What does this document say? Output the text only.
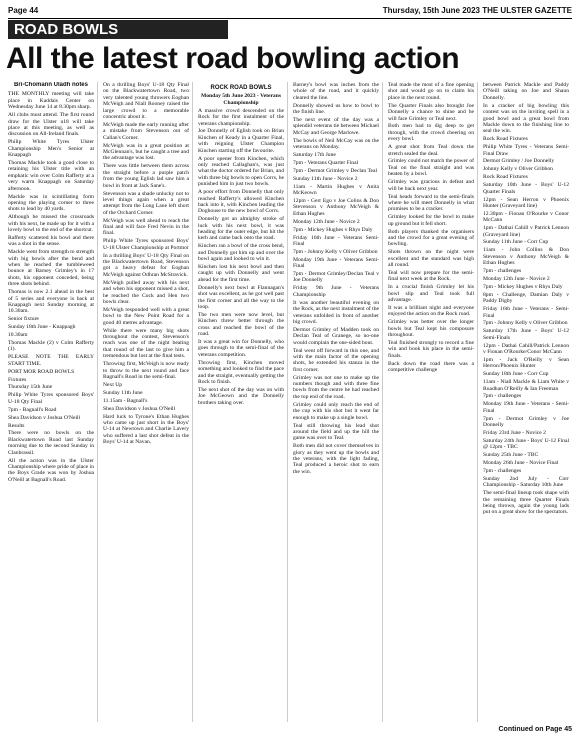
Page 44	Thursday, 15th June 2023 THE ULSTER GAZETTE
ROAD BOWLS
All the latest road bowling action
Bri-Chomann Uladh notes

THE MONTHLY meeting will take place in Kaddais Center on Wednesday June 14 at 8.30pm sharp.

All clubs must attend. The first round draw for the Ulster u18 will take place at this meeting, as well as discussion on All-Ireland finals.

Philip White Tyres Ulster Championship Men's Senior at Knappagh

Thomas Mackle took a good close to retaining his Ulster title with an emphatic win over Colm Rafferty at a very warm Knappagh on Saturday afternoon.

Mackle was in scintillating form opening the playing corner to three shots to lead by 40 yards.

Although he missed the crossroads with his next, he made up for it with a lovely bowl to the end of the shortcut.

Rafferty scattered his bowl and there was a shot in the sense.

Mackle went from strength to strength with big bowls after the bend and when he reached the tumbleweed bounce at Barney Grimley's in 17 shots, his opponent conceded, being three shots behind.

Thomas is now 2.1 ahead in the best of 5 series and everyone is back at Knappagh next Sunday morning at 10.30am.

Senior fixture

Sunday 18th June - Knappagh

10.30am

Thomas Mackle (2) v Colm Rafferty (1).

PLEASE NOTE THE EARLY START TIME.

PORT MOR ROAD BOWLS

Fixtures

Thursday 15th June

Philip White Tyres sponsored Boys' U-18 Qty Final

7pm - Bagnall's Road

Shea Davidson v Joshua O'Neill

Results

There were no bowls on the Blackwatertown Road last Sunday morning due to the second Sunday in Clanbrassil.

All the action was in the Ulster Championship where pride of place in the Boys Grade was won by Joshua O'Neill at Bagnall's Road.

On a thrilling Boys' U-18 Qty Final on the Blackwatertown Road, two very talented young throwers Eoghan McVeigh and Niall Rooney raised the large crowd to a memorable concentric about it.

McVeigh made the early running after a mistake from Stevenson out of Callan's Corner.

McVeigh was in a great position at McGlennan's, but he caught a tree and the advantage was lost.

There was little between them across the straight before a purple patch from the young Eglish lad saw him a bowl in front at Jack Sane's.

Stevenson was a shade unlucky not to level things again when a great attempt from the Long Lane left short of the Orchard Corner.

McVeigh was well ahead to reach the final and will face Fred Nevin in the final.

Philip White Tyres sponsored Boys' U-18 Ulster Championship at Portmor

In a thrilling Boys' U-18 Qty Final on the Blackwatertown Road, Stevenson got a heavy defeat for Eoghan McVeigh against Odhran McStravick.

McVeigh pulled away with his next and when his opponent missed a shot, he reached the Cock and Hen two bowls clear.

McVeigh responded well with a great bowl to the New Point Road for a good 40 metres advantage.

While there were many big shots throughout the contest, Stevenson's reach was one of the night beating that round of the last to give him a tremendous but lost at the final tests.

Throwing first, McVeigh is now ready to throw to the next round and face Bagnall's Road in the semi-final.

Next Up

Sunday 11th June

11.15am - Bagnall's

Shea Davidson v Joshua O'Neill

Hard luck to Tyrone's Ethan Hughes who came up just short in the Boys' U-14 at Newtown and Charlie Lavery who suffered a last shot defeat in the Boys' U-14 at Navan.

ROCK ROAD BOWLS

Monday 5th June 2023 - Veterans Championship

A massive crowd descended on the Rock for the first instalment of the veterans championship.

Joe Donnelly of Eglish took on Brian Kinchen of Keady in a Quarter Final, with reigning Ulster Champion Kinchen starting off the favourite.

A poor opener from Kinchen, which only reached Callaghan's, was just what the doctor ordered for Brian, and with three big bowls to open Corrs, he punished him in just two bowls.

A poor effort from Donnelly that only reached Rafferty's allowed Kinchen back into it, with Kinchen leading the Doghouse to the new bowl of Corrs.

Donnelly got an almighty stroke of luck with his next bowl, it was heading for the outer edge, but hit the kerb and came back onto the road.

Kinchen ran a bowl of the cross bend, and Donnelly got him up and over the bowl again and looked to win it.

Kinchen lost his next bowl and then caught up with Donnelly and went ahead for the first time.

Donnelly's next bowl at Flannagan's shot was excellent, as he got well past the first corner and all the way to the loop.

The two men were now level, but Kinchen threw better through the cross and reached the bowl of the road.

It was a great win for Donnelly, who goes through to the semi-final of the veterans competition.

Throwing first, Kinchen moved something and looked to find the pace and the straight, eventually getting the Rock to finish.

The next shot of the day was on with Joe McGeown and the Donnelly brothers taking over.

Barney's bowl was inches from the whole of the road, and it quickly cleared the line.

Donnelly showed us how to bowl to the finish line.

The next event of the day was a splendid veterans tie between Michael McCay and George Marlowe.

The bowls of Neil McCay was on the veterans on Monday.

Saturday 17th June

7pm - Veterans Quarter Final

7pm - Dermot Grimley v Declan Teal

Sunday 11th June - Novice 2

11am - Martin Hughes v Anita McKeown

12pm - Gerr Ego v Joe Colins & Don Stevenson v Anthony McVeigh & Ethan Hughes

Monday 12th June - Novice 2

7pm - Mickey Hughes v Rhys Daly

Friday 16th June - Veterans Semi-Final

7pm - Johnny Kelly v Oliver Gribbon

Monday 19th June - Veterans Semi-Final

7pm - Dermot Grimley/Declan Teal v Joe Donnelly

Friday 9th June - Veterans Championship

It was another beautiful evening on the Rock, as the next instalment of the veterans unfolded in front of another big crowd.

Dermot Grimley of Madden took on Declan Teal of Granege, so no-one would complain the one-sided bout.

Teal went off forward in this one, and with the main factor of the opening shots, he extended his stanza in the first corner.

Grimley was not one to make up the numbers though and with three fine bowls from the centre he had reached the top end of the road.

Grimley could only reach the end of the cup with his shot but it went far enough to make up a single bowl.

Teal still throwing his lead shot around the field and up the hill the game was over to Teal.

Both men did not cover themselves in glory as they went up the bowls and the veterans, with the light fading, Teal produced a heroic shot to earn the win.

Teal made the most of a fine opening shot and would go on to claim his place in the next round.

The Quarter Finals also brought Joe Donnelly a chance to shine and he will face Grimley or Teal next.

Both men had to dig deep to get through, with the crowd cheering on every bowl.

A great shot from Teal down the stretch sealed the deal.

Grimley could not match the power of Teal on the final straight and was beaten by a bowl.

Grimley was gracious in defeat and will be back next year.

Teal heads forward to the semi-finals where he will meet Donnelly in what promises to be a cracker.

Grimley looked for the bowl to make up ground but it fell short.

Both players thanked the organisers and the crowd for a great evening of bowling.

Shots thrown on the night were excellent and the standard was high all round.

Teal will now prepare for the semi-final next week at the Rock.

In a crucial finish Grimley let his bowl slip and Teal took full advantage.

It was a brilliant night and everyone enjoyed the action on the Rock road.

Grimley was better over the longer bowls but Teal kept his composure throughout.

Teal finished strongly to record a fine win and book his place in the semi-finals.

Back down the road there was a competitive challenge

between Patrick Mackle and Paddy O'Neill taking on Joe and Shaun Donnelly.

In a cracker of big bowling this contest was on the inviting spell in a good bowl and a great bowl from Mackle down to the finishing line to seal the win.

Rock Road Fixtures

Philip White Tyres - Veterans Semi-Final Draw

Dermot Grimley / Joe Donnelly

Johnny Kelly v Oliver Gribbon

Rock Road Fixtures

Saturday 10th June - Boys' U-12 Quarter Finals

12pm - Sean Herron v Phoenix Hunter (Graveyard line)

12.30pm - Fionan O'Rourke v Conor McCann

1pm - Dathai Cahill v Patrick Lennon (Graveyard line)

Sunday 11th June - Corr Cup

11am - John Collins & Don Stevenson v Anthony McVeigh & Ethan Hughes

7pm - challenges

Monday 12th June - Novice 2

7pm - Mickey Hughes v Rhys Daly

8pm - Challenge, Damian Daly v Paddy Digby

Friday 16th June - Veterans - Semi-Final

7pm - Johnny Kelly v Oliver Gribbon

Saturday 17th June - Boys' U-12 Semi-Finals

12pm - Dathai Cahill/Patrick Lennon v Fionan O'Rourke/Conor McCann

1pm - Jack O'Reilly v Sean Herron/Phoenix Hunter

Sunday 18th June - Corr Cup

11am - Niall Mackle & Liam White v Ruadhan O'Reilly & Ian Freeman

7pm - challenges

Monday 19th June - Veterans - Semi-Final

7pm - Dermot Grimley v Joe Donnelly

Friday 23rd June - Novice 2

Saturday 24th June - Boys' U-12 Final @ 12pm - TBC

Sunday 25th June - TBC

Monday 26th June - Novice Final

7pm - challenges

Sunday 2nd July - Corr Championship - Saturday 10th June

The semi-final lineup took shape with the remaining three Quarter Finals being thrown, again the young lads put on a great show for the spectators.

Continued on Page 45
